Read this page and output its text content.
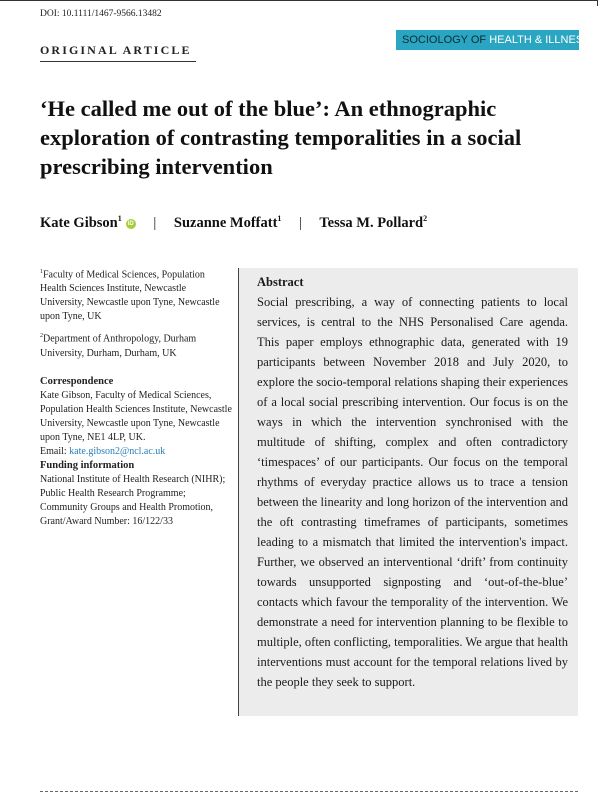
DOI: 10.1111/1467-9566.13482
SOCIOLOGY OF HEALTH & ILLNESS
ORIGINAL ARTICLE
‘He called me out of the blue’: An ethnographic exploration of contrasting temporalities in a social prescribing intervention
Kate Gibson$^1$iD | Suzanne Moffatt$^1$ | Tessa M. Pollard$^2$

$^1$Faculty of Medical Sciences, Population Health Sciences Institute, Newcastle University, Newcastle upon Tyne, Newcastle upon Tyne, UK

$^2$Department of Anthropology, Durham University, Durham, Durham, UK

Correspondence

Kate Gibson, Faculty of Medical Sciences, Population Health Sciences Institute, Newcastle University, Newcastle upon Tyne, Newcastle upon Tyne, NE1 4LP, UK.

Email: kate.gibson2@ncl.ac.uk

Funding information

National Institute of Health Research (NIHR); Public Health Research Programme; Community Groups and Health Promotion, Grant/Award Number: 16/122/33

Abstract

Social prescribing, a way of connecting patients to local services, is central to the NHS Personalised Care agenda. This paper employs ethnographic data, generated with 19 participants between November 2018 and July 2020, to explore the socio-temporal relations shaping their experiences of a local social prescribing intervention. Our focus is on the ways in which the intervention synchronised with the multitude of shifting, complex and often contradictory ‘timespaces’ of our participants. Our focus on the temporal rhythms of everyday practice allows us to trace a tension between the linearity and long horizon of the intervention and the oft contrasting timeframes of participants, sometimes leading to a mismatch that limited the intervention's impact. Further, we observed an interventional ‘drift’ from continuity towards unsupported signposting and ‘out-of-the-blue’ contacts which favour the temporality of the intervention. We demonstrate a need for intervention planning to be flexible to multiple, often conflicting, temporalities. We argue that health interventions must account for the temporal relations lived by the people they seek to support.
